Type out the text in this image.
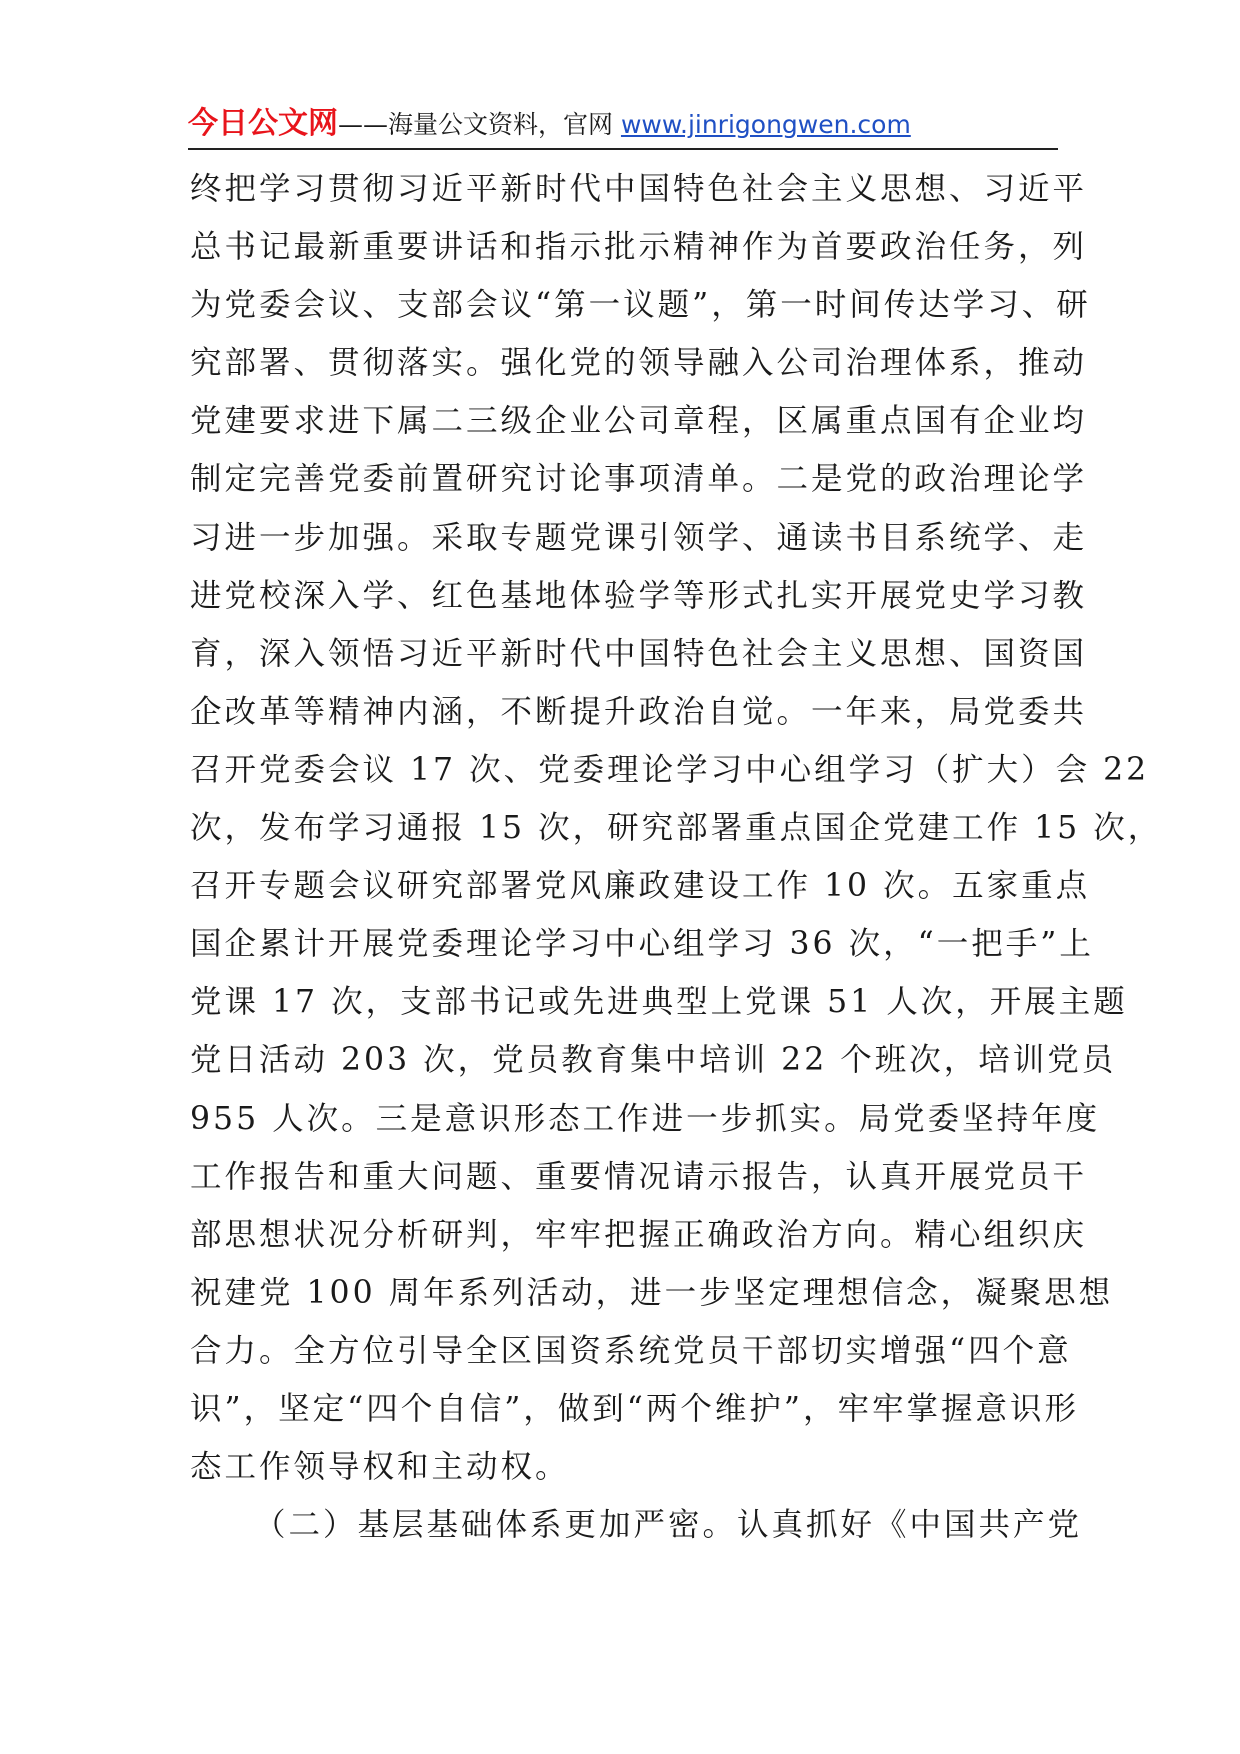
今日公文网——海量公文资料，官网 www.jinrigongwen.com
终把学习贯彻习近平新时代中国特色社会主义思想、习近平
总书记最新重要讲话和指示批示精神作为首要政治任务，列
为党委会议、支部会议“第一议题”，第一时间传达学习、研
究部署、贯彻落实。强化党的领导融入公司治理体系，推动
党建要求进下属二三级企业公司章程，区属重点国有企业均
制定完善党委前置研究讨论事项清单。二是党的政治理论学
习进一步加强。采取专题党课引领学、通读书目系统学、走
进党校深入学、红色基地体验学等形式扎实开展党史学习教
育，深入领悟习近平新时代中国特色社会主义思想、国资国
企改革等精神内涵，不断提升政治自觉。一年来，局党委共
召开党委会议 17 次、党委理论学习中心组学习（扩大）会 22
次，发布学习通报 15 次，研究部署重点国企党建工作 15 次，
召开专题会议研究部署党风廉政建设工作 10 次。五家重点
国企累计开展党委理论学习中心组学习 36 次，“一把手”上
党课 17 次，支部书记或先进典型上党课 51 人次，开展主题
党日活动 203 次，党员教育集中培训 22 个班次，培训党员
955 人次。三是意识形态工作进一步抓实。局党委坚持年度
工作报告和重大问题、重要情况请示报告，认真开展党员干
部思想状况分析研判，牢牢把握正确政治方向。精心组织庆
祝建党 100 周年系列活动，进一步坚定理想信念，凝聚思想
合力。全方位引导全区国资系统党员干部切实增强“四个意
识”，坚定“四个自信”，做到“两个维护”，牢牢掌握意识形
态工作领导权和主动权。
（二）基层基础体系更加严密。认真抓好《中国共产党
